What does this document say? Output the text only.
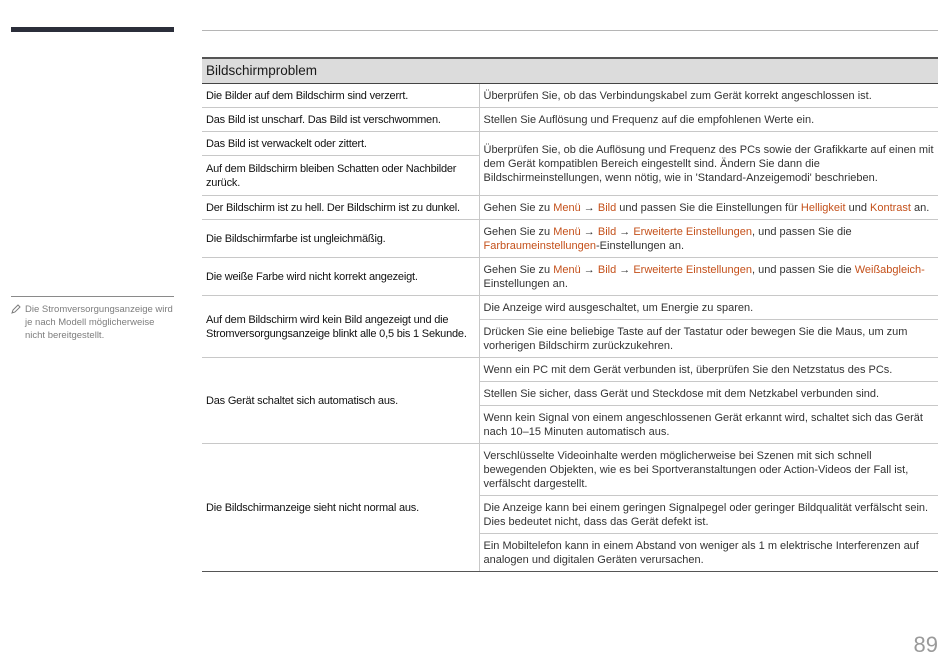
Die Stromversorgungsanzeige wird je nach Modell möglicherweise nicht bereitgestellt.
Bildschirmproblem	
Die Bilder auf dem Bildschirm sind verzerrt.	Überprüfen Sie, ob das Verbindungskabel zum Gerät korrekt angeschlossen ist.
Das Bild ist unscharf. Das Bild ist verschwommen.	Stellen Sie Auflösung und Frequenz auf die empfohlenen Werte ein.
Das Bild ist verwackelt oder zittert.	Überprüfen Sie, ob die Auflösung und Frequenz des PCs sowie der Grafikkarte auf einen mit dem Gerät kompatiblen Bereich eingestellt sind. Ändern Sie dann die Bildschirmeinstellungen, wenn nötig, wie in 'Standard-Anzeigemodi' beschrieben.
Auf dem Bildschirm bleiben Schatten oder Nachbilder zurück.	
Der Bildschirm ist zu hell. Der Bildschirm ist zu dunkel.	Gehen Sie zu Menü → Bild und passen Sie die Einstellungen für Helligkeit und Kontrast an.
Die Bildschirmfarbe ist ungleichmäßig.	Gehen Sie zu Menü → Bild → Erweiterte Einstellungen, und passen Sie die Farbraumeinstellungen-Einstellungen an.
Die weiße Farbe wird nicht korrekt angezeigt.	Gehen Sie zu Menü → Bild → Erweiterte Einstellungen, und passen Sie die Weißabgleich-Einstellungen an.
Auf dem Bildschirm wird kein Bild angezeigt und die Stromversorgungsanzeige blinkt alle 0,5 bis 1 Sekunde.	Die Anzeige wird ausgeschaltet, um Energie zu sparen.
	Drücken Sie eine beliebige Taste auf der Tastatur oder bewegen Sie die Maus, um zum vorherigen Bildschirm zurückzukehren.
Das Gerät schaltet sich automatisch aus.	Wenn ein PC mit dem Gerät verbunden ist, überprüfen Sie den Netzstatus des PCs.
	Stellen Sie sicher, dass Gerät und Steckdose mit dem Netzkabel verbunden sind.
	Wenn kein Signal von einem angeschlossenen Gerät erkannt wird, schaltet sich das Gerät nach 10–15 Minuten automatisch aus.
Die Bildschirmanzeige sieht nicht normal aus.	Verschlüsselte Videoinhalte werden möglicherweise bei Szenen mit sich schnell bewegenden Objekten, wie es bei Sportveranstaltungen oder Action-Videos der Fall ist, verfälscht dargestellt.
	Die Anzeige kann bei einem geringen Signalpegel oder geringer Bildqualität verfälscht sein. Dies bedeutet nicht, dass das Gerät defekt ist.
	Ein Mobiltelefon kann in einem Abstand von weniger als 1 m elektrische Interferenzen auf analogen und digitalen Geräten verursachen.
89
